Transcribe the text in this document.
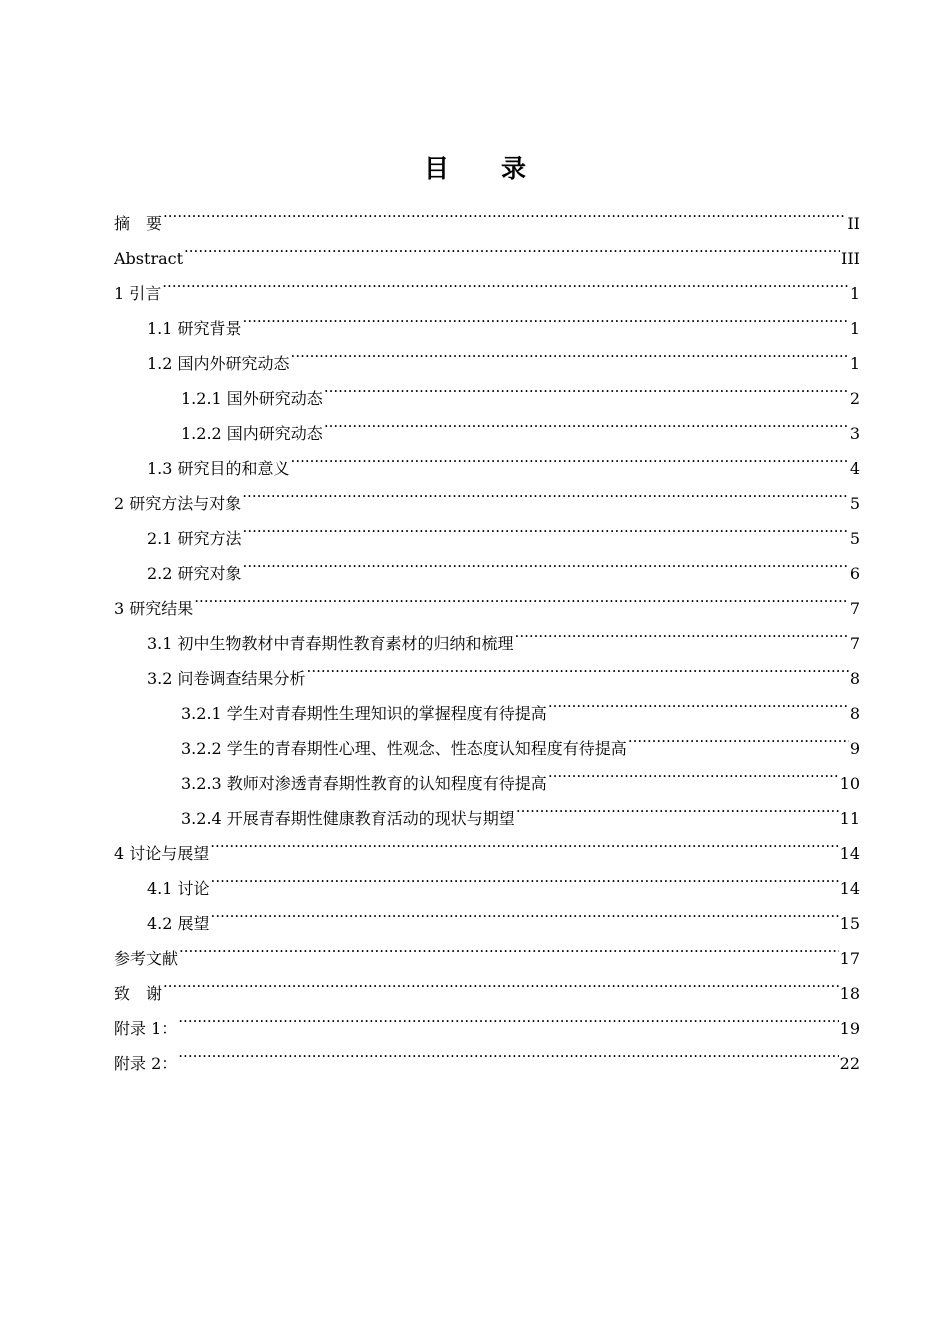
目 录
摘　要 .....	II
Abstract .....	III
1 引言 .....	1
1.1 研究背景 .....	1
1.2 国内外研究动态 .....	1
1.2.1 国外研究动态 .....	2
1.2.2 国内研究动态 .....	3
1.3 研究目的和意义 .....	4
2 研究方法与对象 .....	5
2.1 研究方法 .....	5
2.2 研究对象 .....	6
3 研究结果 .....	7
3.1 初中生物教材中青春期性教育素材的归纳和梳理 .....	7
3.2 问卷调查结果分析 .....	8
3.2.1 学生对青春期性生理知识的掌握程度有待提高 .....	8
3.2.2 学生的青春期性心理、性观念、性态度认知程度有待提高 .....	9
3.2.3 教师对渗透青春期性教育的认知程度有待提高 .....	10
3.2.4 开展青春期性健康教育活动的现状与期望 .....	11
4 讨论与展望 .....	14
4.1 讨论 .....	14
4.2 展望 .....	15
参考文献 .....	17
致　谢 .....	18
附录 1： .....	19
附录 2： .....	22
